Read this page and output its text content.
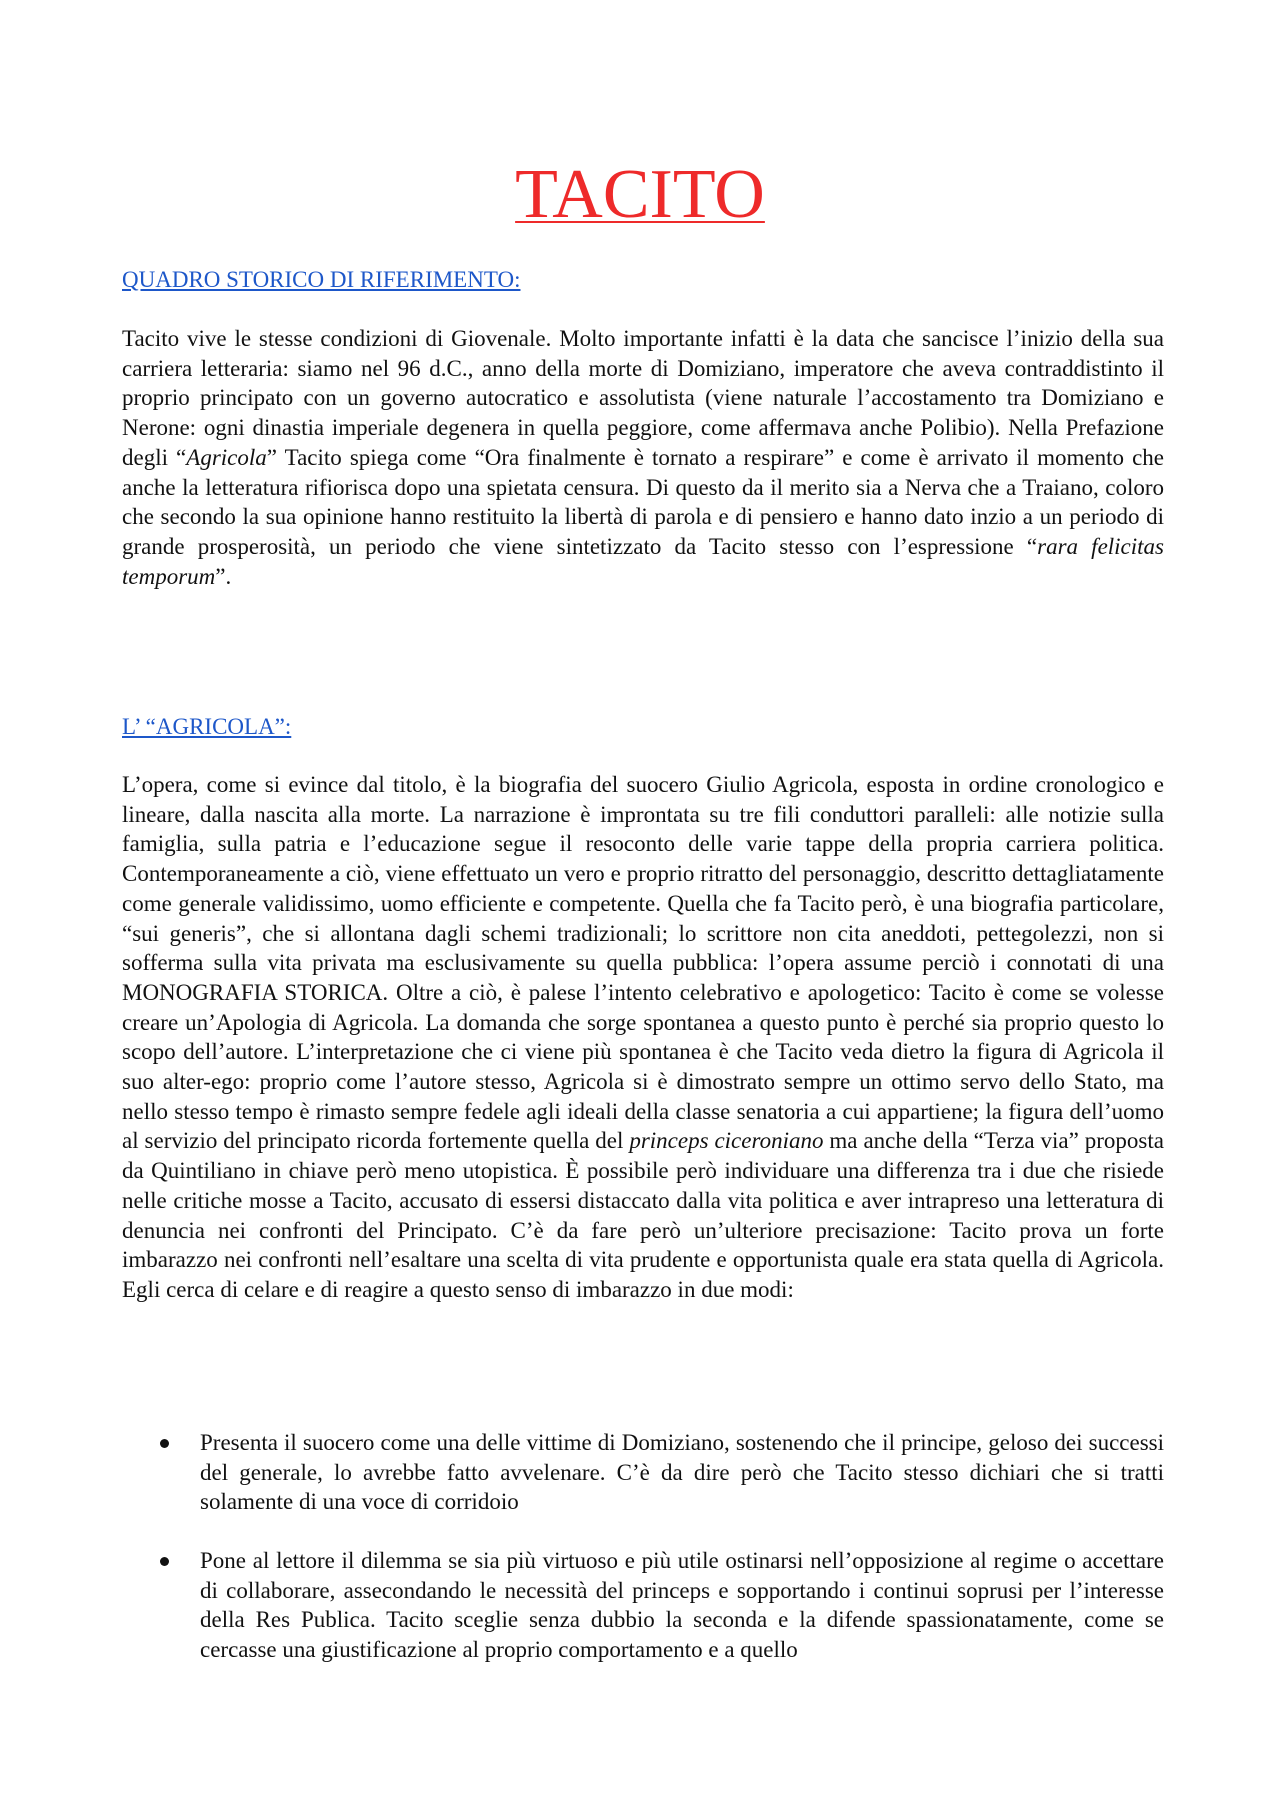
TACITO
QUADRO STORICO DI RIFERIMENTO:

Tacito vive le stesse condizioni di Giovenale. Molto importante infatti è la data che sancisce l’inizio della sua carriera letteraria: siamo nel 96 d.C., anno della morte di Domiziano, imperatore che aveva contraddistinto il proprio principato con un governo autocratico e assolutista (viene naturale l’accostamento tra Domiziano e Nerone: ogni dinastia imperiale degenera in quella peggiore, come affermava anche Polibio). Nella Prefazione degli “Agricola” Tacito spiega come “Ora finalmente è tornato a respirare” e come è arrivato il momento che anche la letteratura rifiorisca dopo una spietata censura. Di questo da il merito sia a Nerva che a Traiano, coloro che secondo la sua opinione hanno restituito la libertà di parola e di pensiero e hanno dato inzio a un periodo di grande prosperosità, un periodo che viene sintetizzato da Tacito stesso con l’espressione “rara felicitas temporum”.

L’ “AGRICOLA”:

L’opera, come si evince dal titolo, è la biografia del suocero Giulio Agricola, esposta in ordine cronologico e lineare, dalla nascita alla morte. La narrazione è improntata su tre fili conduttori paralleli: alle notizie sulla famiglia, sulla patria e l’educazione segue il resoconto delle varie tappe della propria carriera politica. Contemporaneamente a ciò, viene effettuato un vero e proprio ritratto del personaggio, descritto dettagliatamente come generale validissimo, uomo efficiente e competente. Quella che fa Tacito però, è una biografia particolare, “sui generis”, che si allontana dagli schemi tradizionali; lo scrittore non cita aneddoti, pettegolezzi, non si sofferma sulla vita privata ma esclusivamente su quella pubblica: l’opera assume perciò i connotati di una MONOGRAFIA STORICA. Oltre a ciò, è palese l’intento celebrativo e apologetico: Tacito è come se volesse creare un’Apologia di Agricola. La domanda che sorge spontanea a questo punto è perché sia proprio questo lo scopo dell’autore. L’interpretazione che ci viene più spontanea è che Tacito veda dietro la figura di Agricola il suo alter-ego: proprio come l’autore stesso, Agricola si è dimostrato sempre un ottimo servo dello Stato, ma nello stesso tempo è rimasto sempre fedele agli ideali della classe senatoria a cui appartiene; la figura dell’uomo al servizio del principato ricorda fortemente quella del princeps ciceroniano ma anche della “Terza via” proposta da Quintiliano in chiave però meno utopistica. È possibile però individuare una differenza tra i due che risiede nelle critiche mosse a Tacito, accusato di essersi distaccato dalla vita politica e aver intrapreso una letteratura di denuncia nei confronti del Principato. C’è da fare però un’ulteriore precisazione: Tacito prova un forte imbarazzo nei confronti nell’esaltare una scelta di vita prudente e opportunista quale era stata quella di Agricola. Egli cerca di celare e di reagire a questo senso di imbarazzo in due modi:

Presenta il suocero come una delle vittime di Domiziano, sostenendo che il principe, geloso dei successi del generale, lo avrebbe fatto avvelenare. C’è da dire però che Tacito stesso dichiari che si tratti solamente di una voce di corridoio

Pone al lettore il dilemma se sia più virtuoso e più utile ostinarsi nell’opposizione al regime o accettare di collaborare, assecondando le necessità del princeps e sopportando i continui soprusi per l’interesse della Res Publica. Tacito sceglie senza dubbio la seconda e la difende spassionatamente, come se cercasse una giustificazione al proprio comportamento e a quello
